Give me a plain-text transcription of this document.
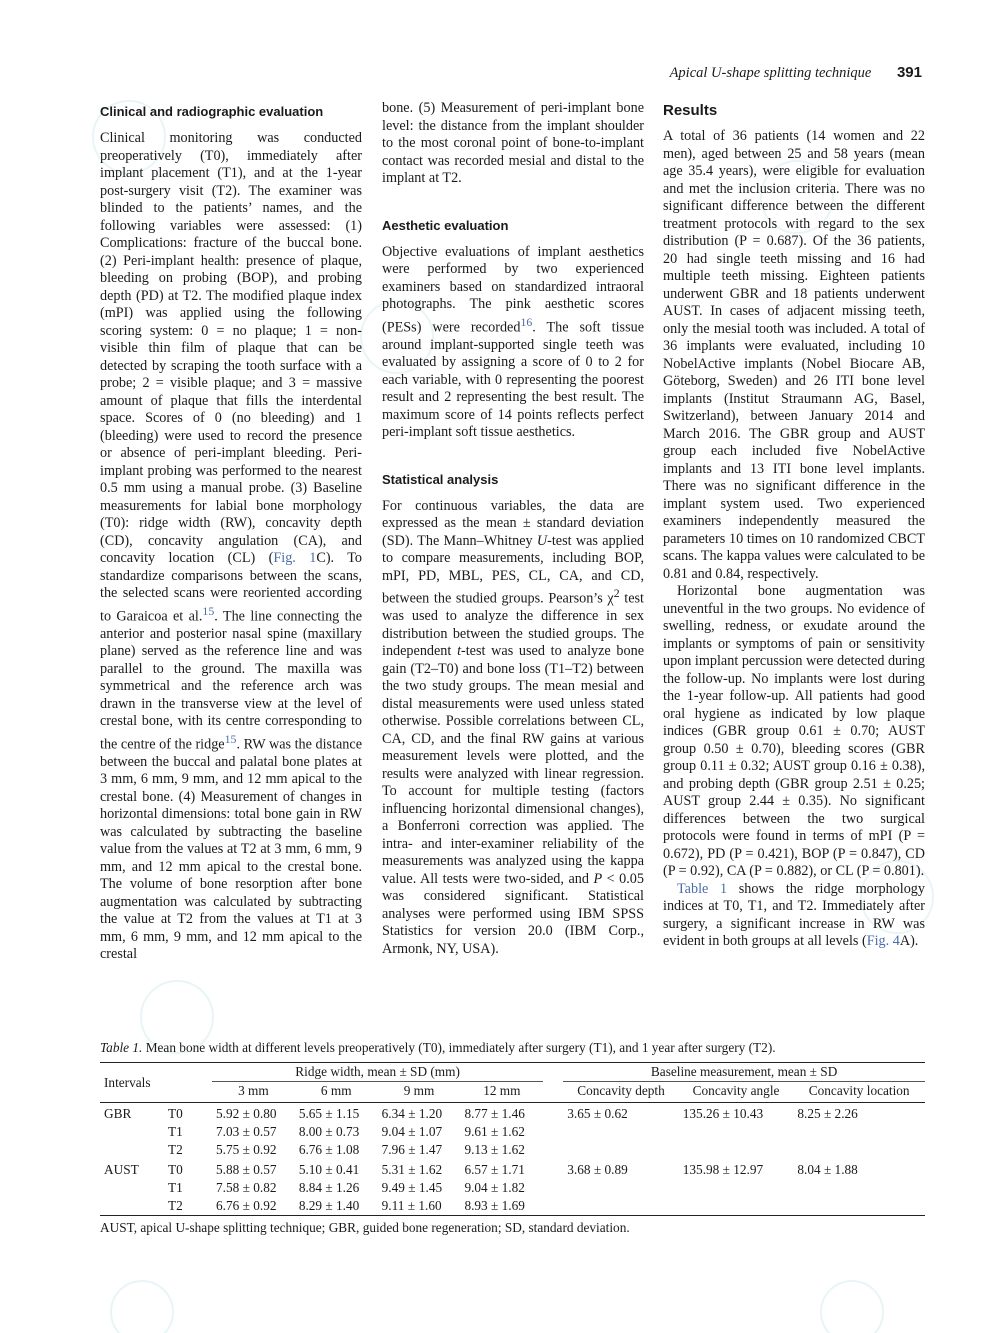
Apical U-shape splitting technique 391
Clinical and radiographic evaluation

Clinical monitoring was conducted preoperatively (T0), immediately after implant placement (T1), and at the 1-year post-surgery visit (T2). The examiner was blinded to the patients’ names, and the following variables were assessed: (1) Complications: fracture of the buccal bone. (2) Peri-implant health: presence of plaque, bleeding on probing (BOP), and probing depth (PD) at T2. The modified plaque index (mPI) was applied using the following scoring system: 0 = no plaque; 1 = non-visible thin film of plaque that can be detected by scraping the tooth surface with a probe; 2 = visible plaque; and 3 = massive amount of plaque that fills the interdental space. Scores of 0 (no bleeding) and 1 (bleeding) were used to record the presence or absence of peri-implant bleeding. Peri-implant probing was performed to the nearest 0.5 mm using a manual probe. (3) Baseline measurements for labial bone morphology (T0): ridge width (RW), concavity depth (CD), concavity angulation (CA), and concavity location (CL) (Fig. 1C). To standardize comparisons between the scans, the selected scans were reoriented according to Garaicoa et al.$^{15}$. The line connecting the anterior and posterior nasal spine (maxillary plane) served as the reference line and was parallel to the ground. The maxilla was symmetrical and the reference arch was drawn in the transverse view at the level of crestal bone, with its centre corresponding to the centre of the ridge$^{15}$. RW was the distance between the buccal and palatal bone plates at 3 mm, 6 mm, 9 mm, and 12 mm apical to the crestal bone. (4) Measurement of changes in horizontal dimensions: total bone gain in RW was calculated by subtracting the baseline value from the values at T2 at 3 mm, 6 mm, 9 mm, and 12 mm apical to the crestal bone. The volume of bone resorption after bone augmentation was calculated by subtracting the value at T2 from the values at T1 at 3 mm, 6 mm, 9 mm, and 12 mm apical to the crestal

bone. (5) Measurement of peri-implant bone level: the distance from the implant shoulder to the most coronal point of bone-to-implant contact was recorded mesial and distal to the implant at T2.

Aesthetic evaluation

Objective evaluations of implant aesthetics were performed by two experienced examiners based on standardized intraoral photographs. The pink aesthetic scores (PESs) were recorded$^{16}$. The soft tissue around implant-supported single teeth was evaluated by assigning a score of 0 to 2 for each variable, with 0 representing the poorest result and 2 representing the best result. The maximum score of 14 points reflects perfect peri-implant soft tissue aesthetics.

Statistical analysis

For continuous variables, the data are expressed as the mean ± standard deviation (SD). The Mann–Whitney U-test was applied to compare measurements, including BOP, mPI, PD, MBL, PES, CL, CA, and CD, between the studied groups. Pearson’s $\chi^2$ test was used to analyze the difference in sex distribution between the studied groups. The independent t-test was used to analyze bone gain (T2–T0) and bone loss (T1–T2) between the two study groups. The mean mesial and distal measurements were used unless stated otherwise. Possible correlations between CL, CA, CD, and the final RW gains at various measurement levels were plotted, and the results were analyzed with linear regression. To account for multiple testing (factors influencing horizontal dimensional changes), a Bonferroni correction was applied. The intra- and inter-examiner reliability of the measurements was analyzed using the kappa value. All tests were two-sided, and P < 0.05 was considered significant. Statistical analyses were performed using IBM SPSS Statistics for version 20.0 (IBM Corp., Armonk, NY, USA).

Results

A total of 36 patients (14 women and 22 men), aged between 25 and 58 years (mean age 35.4 years), were eligible for evaluation and met the inclusion criteria. There was no significant difference between the different treatment protocols with regard to the sex distribution (P = 0.687). Of the 36 patients, 20 had single teeth missing and 16 had multiple teeth missing. Eighteen patients underwent GBR and 18 patients underwent AUST. In cases of adjacent missing teeth, only the mesial tooth was included. A total of 36 implants were evaluated, including 10 NobelActive implants (Nobel Biocare AB, Göteborg, Sweden) and 26 ITI bone level implants (Institut Straumann AG, Basel, Switzerland), between January 2014 and March 2016. The GBR group and AUST group each included five NobelActive implants and 13 ITI bone level implants. There was no significant difference in the implant system used. Two experienced examiners independently measured the parameters 10 times on 10 randomized CBCT scans. The kappa values were calculated to be 0.81 and 0.84, respectively.

Horizontal bone augmentation was uneventful in the two groups. No evidence of swelling, redness, or exudate around the implants or symptoms of pain or sensitivity upon implant percussion were detected during the follow-up. No implants were lost during the 1-year follow-up. All patients had good oral hygiene as indicated by low plaque indices (GBR group 0.61 ± 0.70; AUST group 0.50 ± 0.70), bleeding scores (GBR group 0.11 ± 0.32; AUST group 0.16 ± 0.38), and probing depth (GBR group 2.51 ± 0.25; AUST group 2.44 ± 0.35). No significant differences between the two surgical protocols were found in terms of mPI (P = 0.672), PD (P = 0.421), BOP (P = 0.847), CD (P = 0.92), CA (P = 0.882), or CL (P = 0.801).

Table 1 shows the ridge morphology indices at T0, T1, and T2. Immediately after surgery, a significant increase in RW was evident in both groups at all levels (Fig. 4A).

Table 1. Mean bone width at different levels preoperatively (T0), immediately after surgery (T1), and 1 year after surgery (T2).
Intervals		Ridge width, mean ± SD (mm)					Baseline measurement, mean ± SD		
		3 mm	6 mm	9 mm	12 mm		Concavity depth	Concavity angle	Concavity location
GBR	T0	5.92 ± 0.80	5.65 ± 1.15	6.34 ± 1.20	8.77 ± 1.46		3.65 ± 0.62	135.26 ± 10.43	8.25 ± 2.26
	T1	7.03 ± 0.57	8.00 ± 0.73	9.04 ± 1.07	9.61 ± 1.62				
	T2	5.75 ± 0.92	6.76 ± 1.08	7.96 ± 1.47	9.13 ± 1.62				
AUST	T0	5.88 ± 0.57	5.10 ± 0.41	5.31 ± 1.62	6.57 ± 1.71		3.68 ± 0.89	135.98 ± 12.97	8.04 ± 1.88
	T1	7.58 ± 0.82	8.84 ± 1.26	9.49 ± 1.45	9.04 ± 1.82				
	T2	6.76 ± 0.92	8.29 ± 1.40	9.11 ± 1.60	8.93 ± 1.69				
AUST, apical U-shape splitting technique; GBR, guided bone regeneration; SD, standard deviation.
